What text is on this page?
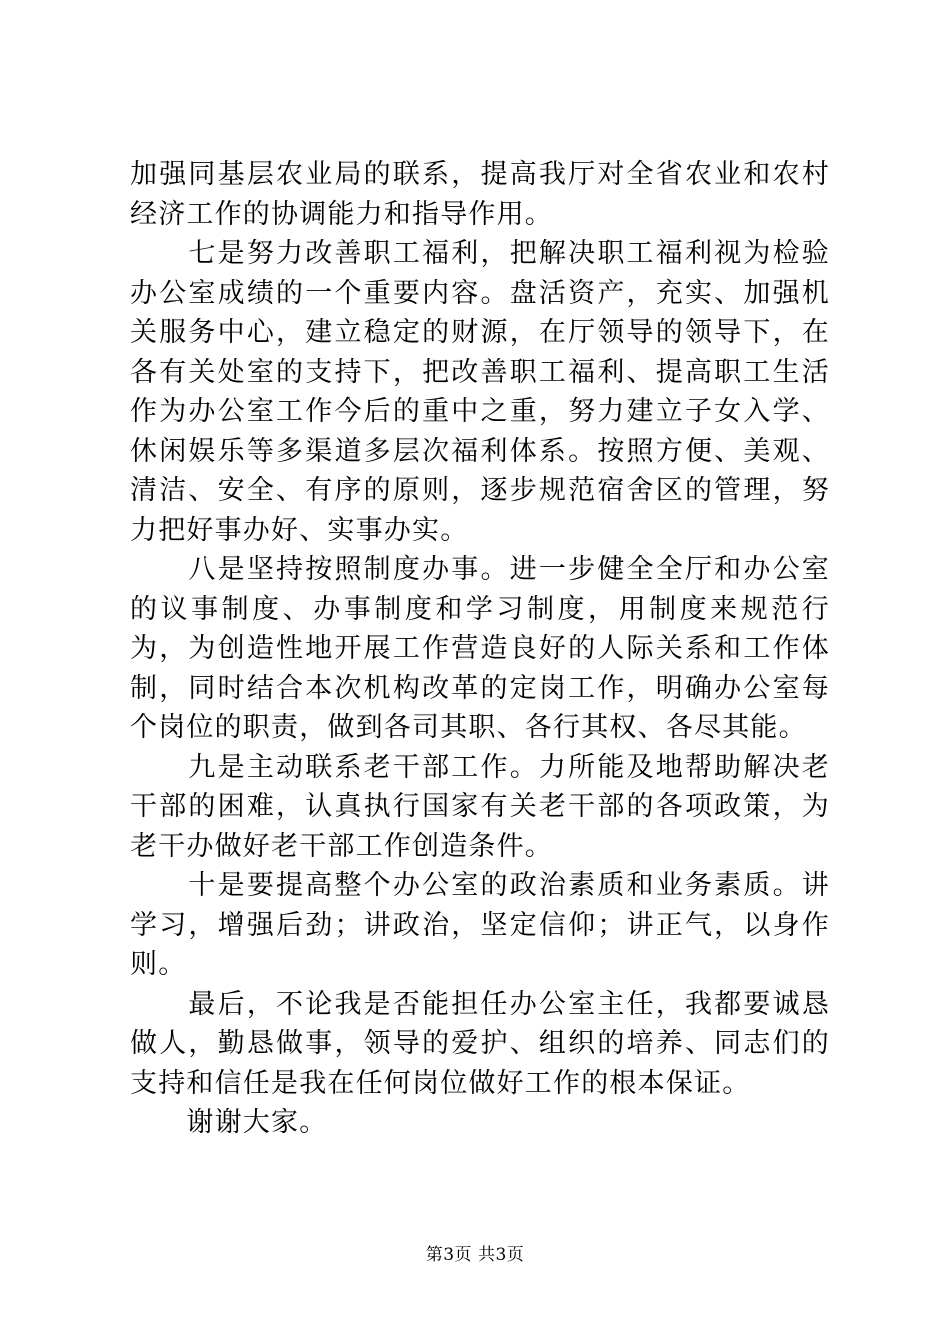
加强同基层农业局的联系，提高我厅对全省农业和农村经济工作的协调能力和指导作用。

　　七是努力改善职工福利，把解决职工福利视为检验办公室成绩的一个重要内容。盘活资产，充实、加强机关服务中心，建立稳定的财源，在厅领导的领导下，在各有关处室的支持下，把改善职工福利、提高职工生活作为办公室工作今后的重中之重，努力建立子女入学、休闲娱乐等多渠道多层次福利体系。按照方便、美观、清洁、安全、有序的原则，逐步规范宿舍区的管理，努力把好事办好、实事办实。

　　八是坚持按照制度办事。进一步健全全厅和办公室的议事制度、办事制度和学习制度，用制度来规范行为，为创造性地开展工作营造良好的人际关系和工作体制，同时结合本次机构改革的定岗工作，明确办公室每个岗位的职责，做到各司其职、各行其权、各尽其能。

　　九是主动联系老干部工作。力所能及地帮助解决老干部的困难，认真执行国家有关老干部的各项政策，为老干办做好老干部工作创造条件。

　　十是要提高整个办公室的政治素质和业务素质。讲学习，增强后劲；讲政治，坚定信仰；讲正气，以身作则。

　　最后，不论我是否能担任办公室主任，我都要诚恳做人，勤恳做事，领导的爱护、组织的培养、同志们的支持和信任是我在任何岗位做好工作的根本保证。

　　谢谢大家。

第3页 共3页
